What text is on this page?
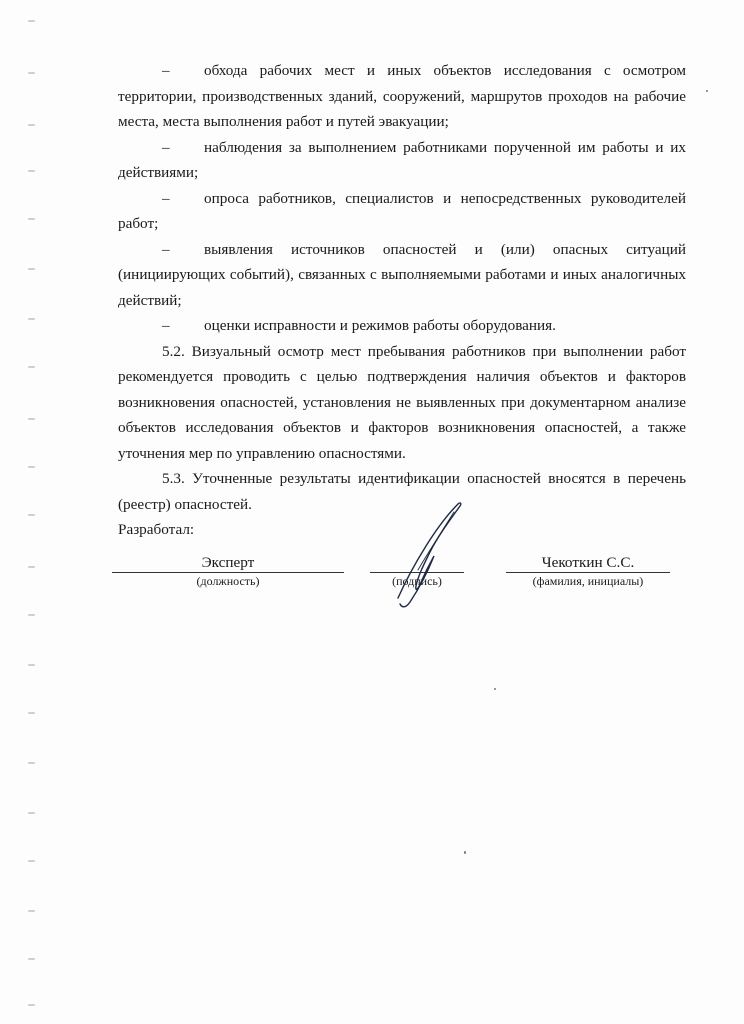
– обхода рабочих мест и иных объектов исследования с осмотром территории, производственных зданий, сооружений, маршрутов проходов на рабочие места, места выполнения работ и путей эвакуации;

– наблюдения за выполнением работниками порученной им работы и их действиями;

– опроса работников, специалистов и непосредственных руководителей работ;

– выявления источников опасностей и (или) опасных ситуаций (инициирующих событий), связанных с выполняемыми работами и иных аналогичных действий;

– оценки исправности и режимов работы оборудования.

5.2. Визуальный осмотр мест пребывания работников при выполнении работ рекомендуется проводить с целью подтверждения наличия объектов и факторов возникновения опасностей, установления не выявленных при документарном анализе объектов исследования объектов и факторов возникновения опасностей, а также уточнения мер по управлению опасностями.

5.3. Уточненные результаты идентификации опасностей вносятся в перечень (реестр) опасностей.

Разработал:
Эксперт
(должность)	(подпись)
Чекоткин С.С.
(фамилия, инициалы)
